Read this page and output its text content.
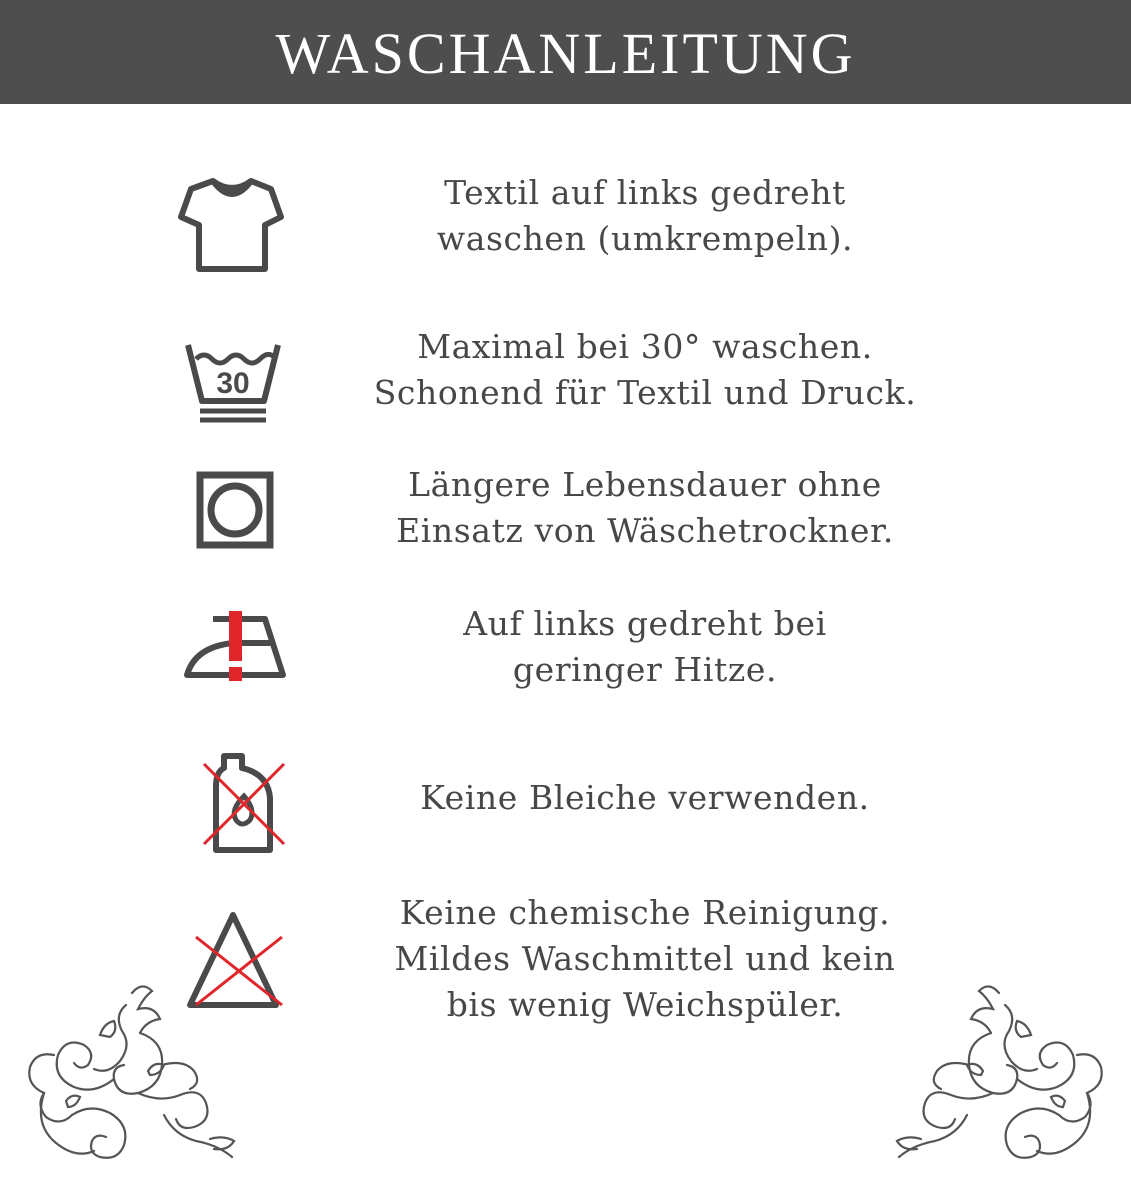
WASCHANLEITUNG
Textil auf links gedreht
waschen (umkrempeln).
30
Maximal bei 30° waschen.
Schonend für Textil und Druck.
Längere Lebensdauer ohne
Einsatz von Wäschetrockner.
Auf links gedreht bei
geringer Hitze.
Keine Bleiche verwenden.
Keine chemische Reinigung.
Mildes Waschmittel und kein
bis wenig Weichspüler.
